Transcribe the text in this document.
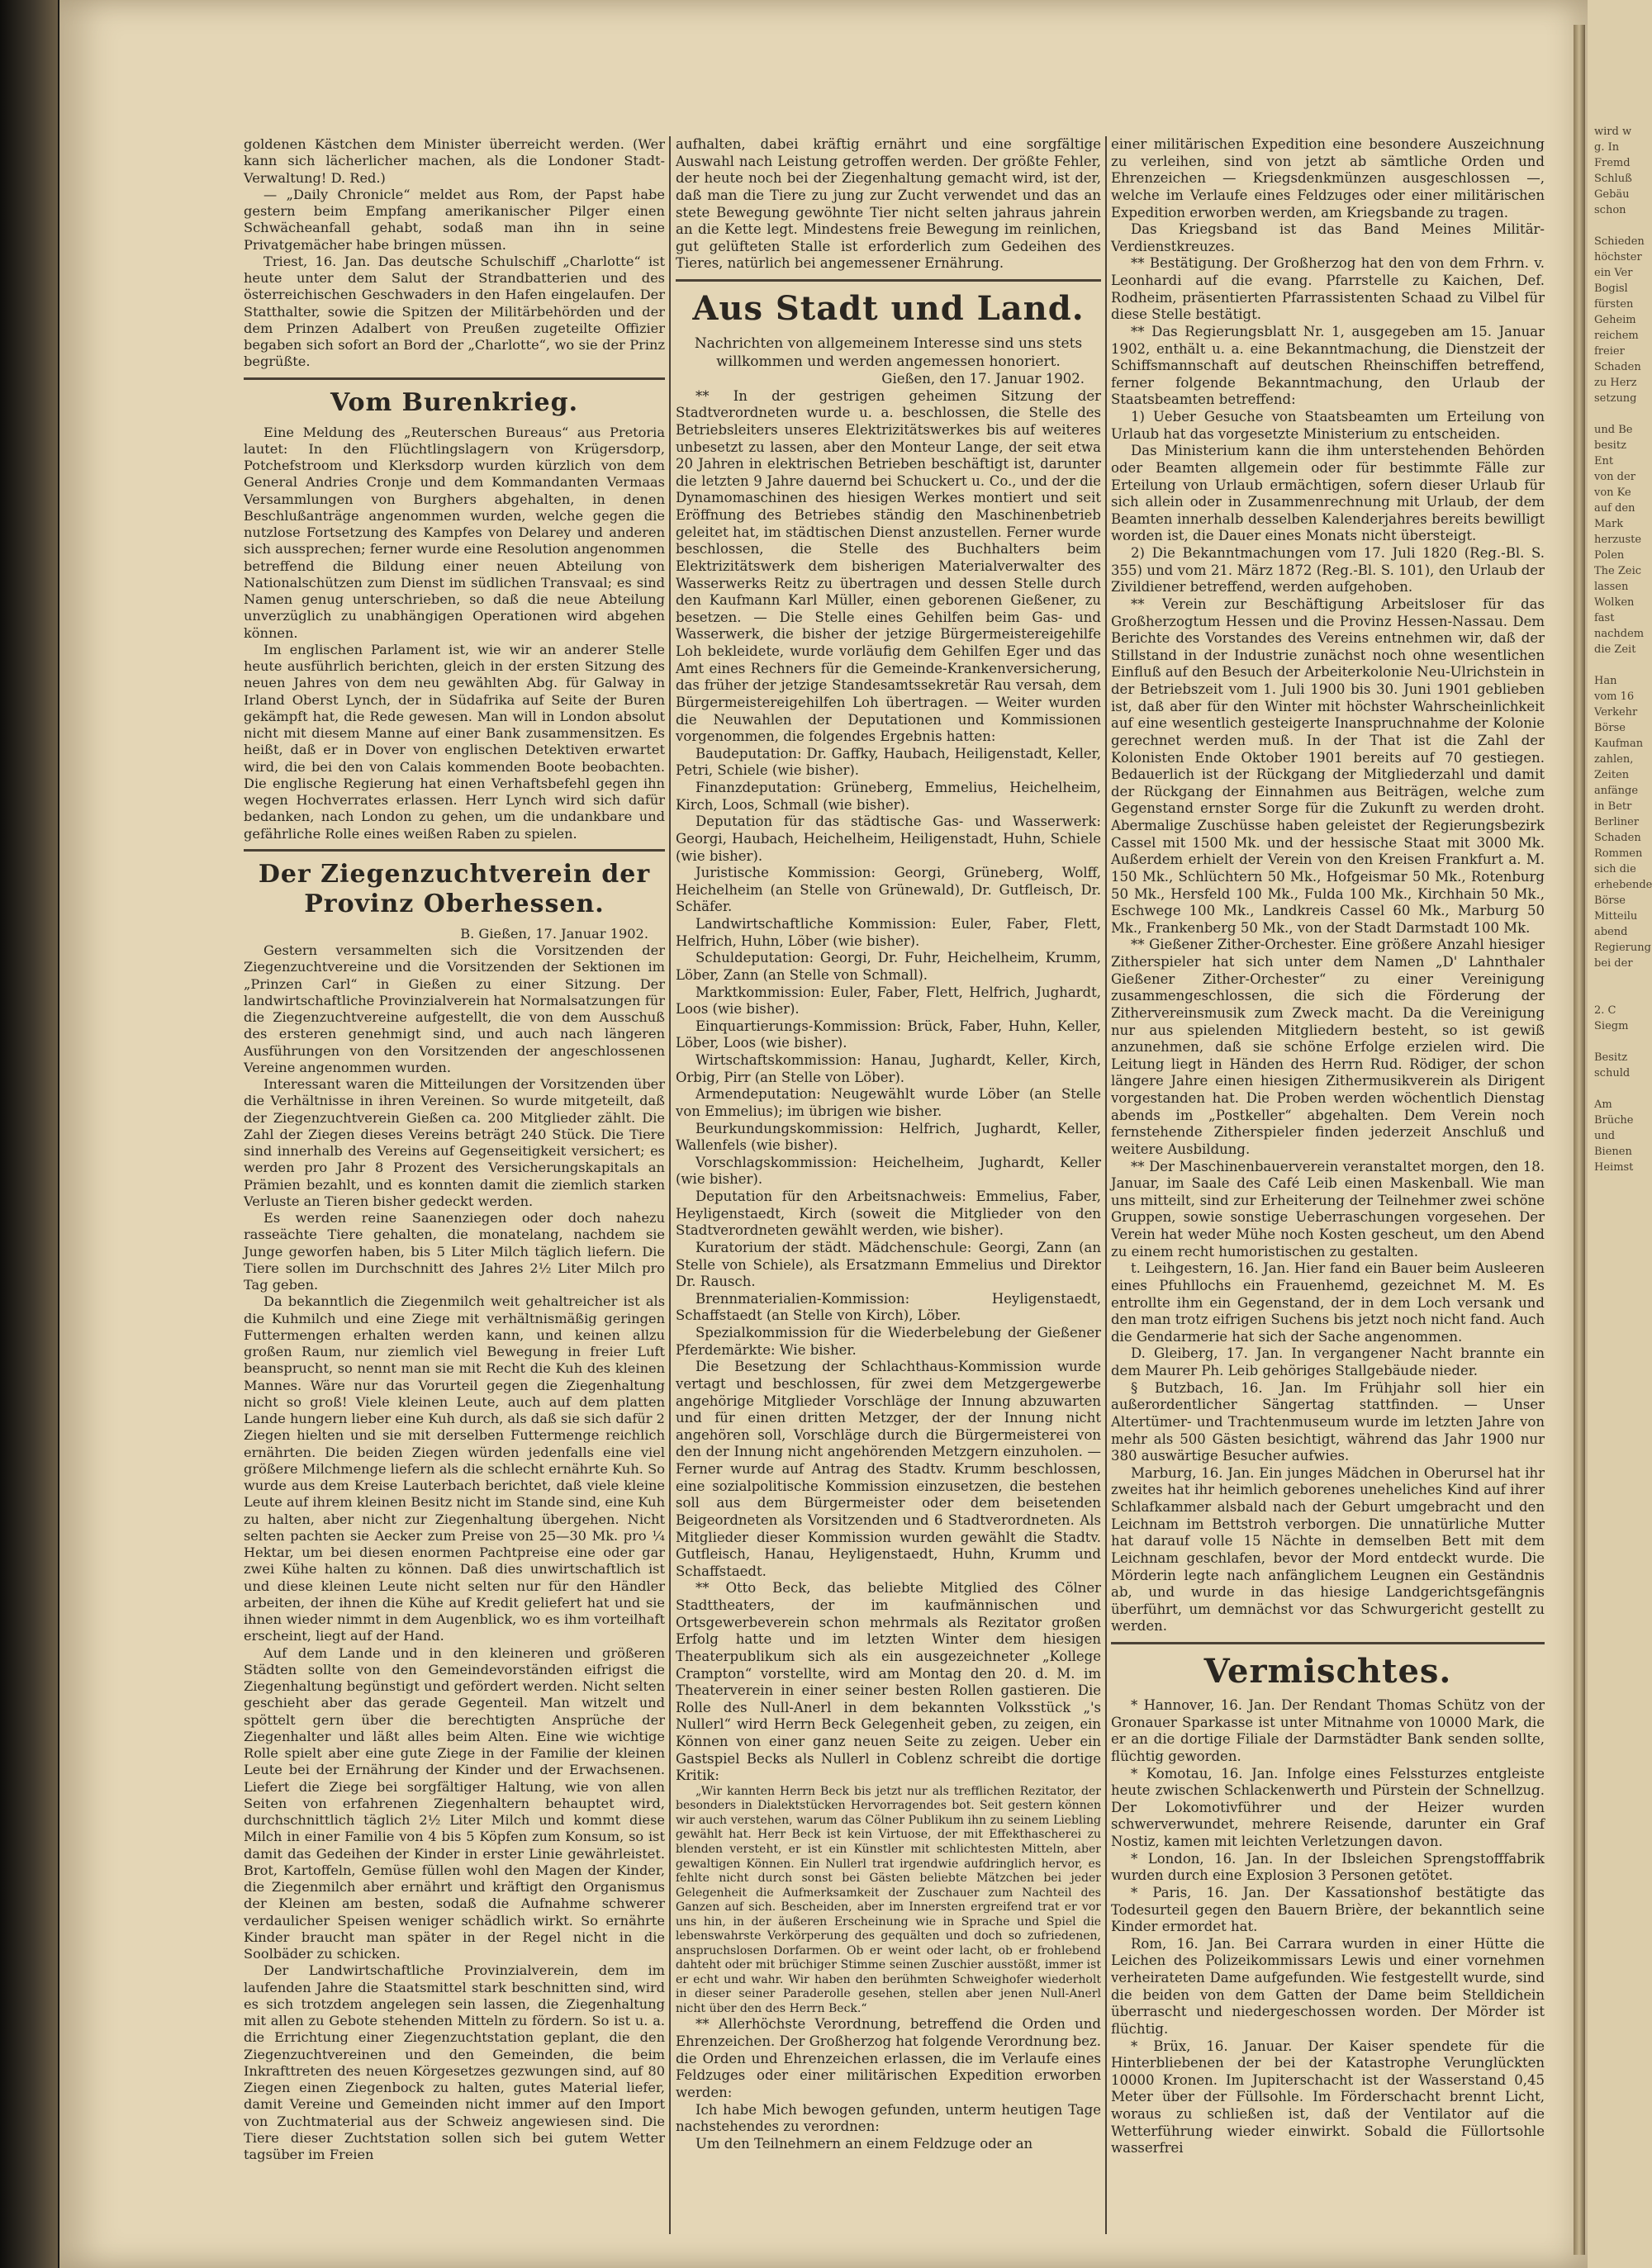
wird w
g. In
Fremd
Schluß
Gebäu
schon

Schieden
höchster
ein Ver
Bogisl
fürsten
Geheim
reichem
freier
Schaden
zu Herz
setzung

und Be
besitz
Ent
von der
von Ke
auf den
Mark
herzuste
Polen
The Zeic
lassen
Wolken
fast
nachdem
die Zeit

Han
vom 16
Verkehr
Börse
Kaufman
zahlen,
Zeiten
anfänge
in Betr
Berliner
Schaden
Rommen
sich die
erhebende
Börse
Mitteilu
abend
Regierung
bei der

2. C
Siegm

Besitz
schuld

Am
Brüche
und
Bienen
Heimst

goldenen Kästchen dem Minister überreicht werden. (Wer kann sich lächerlicher machen, als die Londoner Stadt-Verwaltung! D. Red.)

— „Daily Chronicle“ meldet aus Rom, der Papst habe gestern beim Empfang amerikanischer Pilger einen Schwächeanfall gehabt, sodaß man ihn in seine Privatgemächer habe bringen müssen.

Triest, 16. Jan. Das deutsche Schulschiff „Charlotte“ ist heute unter dem Salut der Strandbatterien und des österreichischen Geschwaders in den Hafen eingelaufen. Der Statthalter, sowie die Spitzen der Militärbehörden und der dem Prinzen Adalbert von Preußen zugeteilte Offizier begaben sich sofort an Bord der „Charlotte“, wo sie der Prinz begrüßte.

Vom Burenkrieg.

Eine Meldung des „Reuterschen Bureaus“ aus Pretoria lautet: In den Flüchtlingslagern von Krügersdorp, Potchefstroom und Klerksdorp wurden kürzlich von dem General Andries Cronje und dem Kommandanten Vermaas Versammlungen von Burghers abgehalten, in denen Beschlußanträge angenommen wurden, welche gegen die nutzlose Fortsetzung des Kampfes von Delarey und anderen sich aussprechen; ferner wurde eine Resolution angenommen betreffend die Bildung einer neuen Abteilung von Nationalschützen zum Dienst im südlichen Transvaal; es sind Namen genug unterschrieben, so daß die neue Abteilung unverzüglich zu unabhängigen Operationen wird abgehen können.

Im englischen Parlament ist, wie wir an anderer Stelle heute ausführlich berichten, gleich in der ersten Sitzung des neuen Jahres von dem neu gewählten Abg. für Galway in Irland Oberst Lynch, der in Südafrika auf Seite der Buren gekämpft hat, die Rede gewesen. Man will in London absolut nicht mit diesem Manne auf einer Bank zusammensitzen. Es heißt, daß er in Dover von englischen Detektiven erwartet wird, die bei den von Calais kommenden Boote beobachten. Die englische Regierung hat einen Verhaftsbefehl gegen ihn wegen Hochverrates erlassen. Herr Lynch wird sich dafür bedanken, nach London zu gehen, um die undankbare und gefährliche Rolle eines weißen Raben zu spielen.

Der Ziegenzuchtverein der Provinz Oberhessen.
B. Gießen, 17. Januar 1902.

Gestern versammelten sich die Vorsitzenden der Ziegenzuchtvereine und die Vorsitzenden der Sektionen im „Prinzen Carl“ in Gießen zu einer Sitzung. Der landwirtschaftliche Provinzialverein hat Normalsatzungen für die Ziegenzuchtvereine aufgestellt, die von dem Ausschuß des ersteren genehmigt sind, und auch nach längeren Ausführungen von den Vorsitzenden der angeschlossenen Vereine angenommen wurden.

Interessant waren die Mitteilungen der Vorsitzenden über die Verhältnisse in ihren Vereinen. So wurde mitgeteilt, daß der Ziegenzuchtverein Gießen ca. 200 Mitglieder zählt. Die Zahl der Ziegen dieses Vereins beträgt 240 Stück. Die Tiere sind innerhalb des Vereins auf Gegenseitigkeit versichert; es werden pro Jahr 8 Prozent des Versicherungskapitals an Prämien bezahlt, und es konnten damit die ziemlich starken Verluste an Tieren bisher gedeckt werden.

Es werden reine Saanenziegen oder doch nahezu rasseächte Tiere gehalten, die monatelang, nachdem sie Junge geworfen haben, bis 5 Liter Milch täglich liefern. Die Tiere sollen im Durchschnitt des Jahres 2½ Liter Milch pro Tag geben.

Da bekanntlich die Ziegenmilch weit gehaltreicher ist als die Kuhmilch und eine Ziege mit verhältnismäßig geringen Futtermengen erhalten werden kann, und keinen allzu großen Raum, nur ziemlich viel Bewegung in freier Luft beansprucht, so nennt man sie mit Recht die Kuh des kleinen Mannes. Wäre nur das Vorurteil gegen die Ziegenhaltung nicht so groß! Viele kleinen Leute, auch auf dem platten Lande hungern lieber eine Kuh durch, als daß sie sich dafür 2 Ziegen hielten und sie mit derselben Futtermenge reichlich ernährten. Die beiden Ziegen würden jedenfalls eine viel größere Milchmenge liefern als die schlecht ernährte Kuh. So wurde aus dem Kreise Lauterbach berichtet, daß viele kleine Leute auf ihrem kleinen Besitz nicht im Stande sind, eine Kuh zu halten, aber nicht zur Ziegenhaltung übergehen. Nicht selten pachten sie Aecker zum Preise von 25—30 Mk. pro ¼ Hektar, um bei diesen enormen Pachtpreise eine oder gar zwei Kühe halten zu können. Daß dies unwirtschaftlich ist und diese kleinen Leute nicht selten nur für den Händler arbeiten, der ihnen die Kühe auf Kredit geliefert hat und sie ihnen wieder nimmt in dem Augenblick, wo es ihm vorteilhaft erscheint, liegt auf der Hand.

Auf dem Lande und in den kleineren und größeren Städten sollte von den Gemeindevorständen eifrigst die Ziegenhaltung begünstigt und gefördert werden. Nicht selten geschieht aber das gerade Gegenteil. Man witzelt und spöttelt gern über die berechtigten Ansprüche der Ziegenhalter und läßt alles beim Alten. Eine wie wichtige Rolle spielt aber eine gute Ziege in der Familie der kleinen Leute bei der Ernährung der Kinder und der Erwachsenen. Liefert die Ziege bei sorgfältiger Haltung, wie von allen Seiten von erfahrenen Ziegenhaltern behauptet wird, durchschnittlich täglich 2½ Liter Milch und kommt diese Milch in einer Familie von 4 bis 5 Köpfen zum Konsum, so ist damit das Gedeihen der Kinder in erster Linie gewährleistet. Brot, Kartoffeln, Gemüse füllen wohl den Magen der Kinder, die Ziegenmilch aber ernährt und kräftigt den Organismus der Kleinen am besten, sodaß die Aufnahme schwerer verdaulicher Speisen weniger schädlich wirkt. So ernährte Kinder braucht man später in der Regel nicht in die Soolbäder zu schicken.

Der Landwirtschaftliche Provinzialverein, dem im laufenden Jahre die Staatsmittel stark beschnitten sind, wird es sich trotzdem angelegen sein lassen, die Ziegenhaltung mit allen zu Gebote stehenden Mitteln zu fördern. So ist u. a. die Errichtung einer Ziegenzuchtstation geplant, die den Ziegenzuchtvereinen und den Gemeinden, die beim Inkrafttreten des neuen Körgesetzes gezwungen sind, auf 80 Ziegen einen Ziegenbock zu halten, gutes Material liefer, damit Vereine und Gemeinden nicht immer auf den Import von Zuchtmaterial aus der Schweiz angewiesen sind. Die Tiere dieser Zuchtstation sollen sich bei gutem Wetter tagsüber im Freien

aufhalten, dabei kräftig ernährt und eine sorgfältige Auswahl nach Leistung getroffen werden. Der größte Fehler, der heute noch bei der Ziegenhaltung gemacht wird, ist der, daß man die Tiere zu jung zur Zucht verwendet und das an stete Bewegung gewöhnte Tier nicht selten jahraus jahrein an die Kette legt. Mindestens freie Bewegung im reinlichen, gut gelüfteten Stalle ist erforderlich zum Gedeihen des Tieres, natürlich bei angemessener Ernährung.

Aus Stadt und Land.
Nachrichten von allgemeinem Interesse sind uns stets willkommen und werden angemessen honoriert.
Gießen, den 17. Januar 1902.

** In der gestrigen geheimen Sitzung der Stadtverordneten wurde u. a. beschlossen, die Stelle des Betriebsleiters unseres Elektrizitätswerkes bis auf weiteres unbesetzt zu lassen, aber den Monteur Lange, der seit etwa 20 Jahren in elektrischen Betrieben beschäftigt ist, darunter die letzten 9 Jahre dauernd bei Schuckert u. Co., und der die Dynamomaschinen des hiesigen Werkes montiert und seit Eröffnung des Betriebes ständig den Maschinenbetrieb geleitet hat, im städtischen Dienst anzustellen. Ferner wurde beschlossen, die Stelle des Buchhalters beim Elektrizitätswerk dem bisherigen Materialverwalter des Wasserwerks Reitz zu übertragen und dessen Stelle durch den Kaufmann Karl Müller, einen geborenen Gießener, zu besetzen. — Die Stelle eines Gehilfen beim Gas- und Wasserwerk, die bisher der jetzige Bürgermeistereigehilfe Loh bekleidete, wurde vorläufig dem Gehilfen Eger und das Amt eines Rechners für die Gemeinde-Krankenversicherung, das früher der jetzige Standesamtssekretär Rau versah, dem Bürgermeistereigehilfen Loh übertragen. — Weiter wurden die Neuwahlen der Deputationen und Kommissionen vorgenommen, die folgendes Ergebnis hatten:

Baudeputation: Dr. Gaffky, Haubach, Heiligenstadt, Keller, Petri, Schiele (wie bisher).

Finanzdeputation: Grüneberg, Emmelius, Heichelheim, Kirch, Loos, Schmall (wie bisher).

Deputation für das städtische Gas- und Wasserwerk: Georgi, Haubach, Heichelheim, Heiligenstadt, Huhn, Schiele (wie bisher).

Juristische Kommission: Georgi, Grüneberg, Wolff, Heichelheim (an Stelle von Grünewald), Dr. Gutfleisch, Dr. Schäfer.

Landwirtschaftliche Kommission: Euler, Faber, Flett, Helfrich, Huhn, Löber (wie bisher).

Schuldeputation: Georgi, Dr. Fuhr, Heichelheim, Krumm, Löber, Zann (an Stelle von Schmall).

Marktkommission: Euler, Faber, Flett, Helfrich, Jughardt, Loos (wie bisher).

Einquartierungs-Kommission: Brück, Faber, Huhn, Keller, Löber, Loos (wie bisher).

Wirtschaftskommission: Hanau, Jughardt, Keller, Kirch, Orbig, Pirr (an Stelle von Löber).

Armendeputation: Neugewählt wurde Löber (an Stelle von Emmelius); im übrigen wie bisher.

Beurkundungskommission: Helfrich, Jughardt, Keller, Wallenfels (wie bisher).

Vorschlagskommission: Heichelheim, Jughardt, Keller (wie bisher).

Deputation für den Arbeitsnachweis: Emmelius, Faber, Heyligenstaedt, Kirch (soweit die Mitglieder von den Stadtverordneten gewählt werden, wie bisher).

Kuratorium der städt. Mädchenschule: Georgi, Zann (an Stelle von Schiele), als Ersatzmann Emmelius und Direktor Dr. Rausch.

Brennmaterialien-Kommission: Heyligenstaedt, Schaffstaedt (an Stelle von Kirch), Löber.

Spezialkommission für die Wiederbelebung der Gießener Pferdemärkte: Wie bisher.

Die Besetzung der Schlachthaus-Kommission wurde vertagt und beschlossen, für zwei dem Metzgergewerbe angehörige Mitglieder Vorschläge der Innung abzuwarten und für einen dritten Metzger, der der Innung nicht angehören soll, Vorschläge durch die Bürgermeisterei von den der Innung nicht angehörenden Metzgern einzuholen. — Ferner wurde auf Antrag des Stadtv. Krumm beschlossen, eine sozialpolitische Kommission einzusetzen, die bestehen soll aus dem Bürgermeister oder dem beisetenden Beigeordneten als Vorsitzenden und 6 Stadtverordneten. Als Mitglieder dieser Kommission wurden gewählt die Stadtv. Gutfleisch, Hanau, Heyligenstaedt, Huhn, Krumm und Schaffstaedt.

** Otto Beck, das beliebte Mitglied des Cölner Stadttheaters, der im kaufmännischen und Ortsgewerbeverein schon mehrmals als Rezitator großen Erfolg hatte und im letzten Winter dem hiesigen Theaterpublikum sich als ein ausgezeichneter „Kollege Crampton“ vorstellte, wird am Montag den 20. d. M. im Theaterverein in einer seiner besten Rollen gastieren. Die Rolle des Null-Anerl in dem bekannten Volksstück „'s Nullerl“ wird Herrn Beck Gelegenheit geben, zu zeigen, ein Können von einer ganz neuen Seite zu zeigen. Ueber ein Gastspiel Becks als Nullerl in Coblenz schreibt die dortige Kritik:

„Wir kannten Herrn Beck bis jetzt nur als trefflichen Rezitator, der besonders in Dialektstücken Hervorragendes bot. Seit gestern können wir auch verstehen, warum das Cölner Publikum ihn zu seinem Liebling gewählt hat. Herr Beck ist kein Virtuose, der mit Effekthascherei zu blenden versteht, er ist ein Künstler mit schlichtesten Mitteln, aber gewaltigen Können. Ein Nullerl trat irgendwie aufdringlich hervor, es fehlte nicht durch sonst bei Gästen beliebte Mätzchen bei jeder Gelegenheit die Aufmerksamkeit der Zuschauer zum Nachteil des Ganzen auf sich. Bescheiden, aber im Innersten ergreifend trat er vor uns hin, in der äußeren Erscheinung wie in Sprache und Spiel die lebenswahrste Verkörperung des gequälten und doch so zufriedenen, anspruchslosen Dorfarmen. Ob er weint oder lacht, ob er frohlebend dahteht oder mit brüchiger Stimme seinen Zuschier ausstößt, immer ist er echt und wahr. Wir haben den berühmten Schweighofer wiederholt in dieser seiner Paraderolle gesehen, stellen aber jenen Null-Anerl nicht über den des Herrn Beck.“

** Allerhöchste Verordnung, betreffend die Orden und Ehrenzeichen. Der Großherzog hat folgende Verordnung bez. die Orden und Ehrenzeichen erlassen, die im Verlaufe eines Feldzuges oder einer militärischen Expedition erworben werden:

Ich habe Mich bewogen gefunden, unterm heutigen Tage nachstehendes zu verordnen:

Um den Teilnehmern an einem Feldzuge oder an

einer militärischen Expedition eine besondere Auszeichnung zu verleihen, sind von jetzt ab sämtliche Orden und Ehrenzeichen — Kriegsdenkmünzen ausgeschlossen —, welche im Verlaufe eines Feldzuges oder einer militärischen Expedition erworben werden, am Kriegsbande zu tragen.

Das Kriegsband ist das Band Meines Militär-Verdienstkreuzes.

** Bestätigung. Der Großherzog hat den von dem Frhrn. v. Leonhardi auf die evang. Pfarrstelle zu Kaichen, Def. Rodheim, präsentierten Pfarrassistenten Schaad zu Vilbel für diese Stelle bestätigt.

** Das Regierungsblatt Nr. 1, ausgegeben am 15. Januar 1902, enthält u. a. eine Bekanntmachung, die Dienstzeit der Schiffsmannschaft auf deutschen Rheinschiffen betreffend, ferner folgende Bekanntmachung, den Urlaub der Staatsbeamten betreffend:

1) Ueber Gesuche von Staatsbeamten um Erteilung von Urlaub hat das vorgesetzte Ministerium zu entscheiden.

Das Ministerium kann die ihm unterstehenden Behörden oder Beamten allgemein oder für bestimmte Fälle zur Erteilung von Urlaub ermächtigen, sofern dieser Urlaub für sich allein oder in Zusammenrechnung mit Urlaub, der dem Beamten innerhalb desselben Kalenderjahres bereits bewilligt worden ist, die Dauer eines Monats nicht übersteigt.

2) Die Bekanntmachungen vom 17. Juli 1820 (Reg.-Bl. S. 355) und vom 21. März 1872 (Reg.-Bl. S. 101), den Urlaub der Zivildiener betreffend, werden aufgehoben.

** Verein zur Beschäftigung Arbeitsloser für das Großherzogtum Hessen und die Provinz Hessen-Nassau. Dem Berichte des Vorstandes des Vereins entnehmen wir, daß der Stillstand in der Industrie zunächst noch ohne wesentlichen Einfluß auf den Besuch der Arbeiterkolonie Neu-Ulrichstein in der Betriebszeit vom 1. Juli 1900 bis 30. Juni 1901 geblieben ist, daß aber für den Winter mit höchster Wahrscheinlichkeit auf eine wesentlich gesteigerte Inanspruchnahme der Kolonie gerechnet werden muß. In der That ist die Zahl der Kolonisten Ende Oktober 1901 bereits auf 70 gestiegen. Bedauerlich ist der Rückgang der Mitgliederzahl und damit der Rückgang der Einnahmen aus Beiträgen, welche zum Gegenstand ernster Sorge für die Zukunft zu werden droht. Abermalige Zuschüsse haben geleistet der Regierungsbezirk Cassel mit 1500 Mk. und der hessische Staat mit 3000 Mk. Außerdem erhielt der Verein von den Kreisen Frankfurt a. M. 150 Mk., Schlüchtern 50 Mk., Hofgeismar 50 Mk., Rotenburg 50 Mk., Hersfeld 100 Mk., Fulda 100 Mk., Kirchhain 50 Mk., Eschwege 100 Mk., Landkreis Cassel 60 Mk., Marburg 50 Mk., Frankenberg 50 Mk., von der Stadt Darmstadt 100 Mk.

** Gießener Zither-Orchester. Eine größere Anzahl hiesiger Zitherspieler hat sich unter dem Namen „D' Lahnthaler Gießener Zither-Orchester“ zu einer Vereinigung zusammengeschlossen, die sich die Förderung der Zithervereinsmusik zum Zweck macht. Da die Vereinigung nur aus spielenden Mitgliedern besteht, so ist gewiß anzunehmen, daß sie schöne Erfolge erzielen wird. Die Leitung liegt in Händen des Herrn Rud. Rödiger, der schon längere Jahre einen hiesigen Zithermusikverein als Dirigent vorgestanden hat. Die Proben werden wöchentlich Dienstag abends im „Postkeller“ abgehalten. Dem Verein noch fernstehende Zitherspieler finden jederzeit Anschluß und weitere Ausbildung.

** Der Maschinenbauerverein veranstaltet morgen, den 18. Januar, im Saale des Café Leib einen Maskenball. Wie man uns mitteilt, sind zur Erheiterung der Teilnehmer zwei schöne Gruppen, sowie sonstige Ueberraschungen vorgesehen. Der Verein hat weder Mühe noch Kosten gescheut, um den Abend zu einem recht humoristischen zu gestalten.

t. Leihgestern, 16. Jan. Hier fand ein Bauer beim Ausleeren eines Pfuhllochs ein Frauenhemd, gezeichnet M. M. Es entrollte ihm ein Gegenstand, der in dem Loch versank und den man trotz eifrigen Suchens bis jetzt noch nicht fand. Auch die Gendarmerie hat sich der Sache angenommen.

D. Gleiberg, 17. Jan. In vergangener Nacht brannte ein dem Maurer Ph. Leib gehöriges Stallgebäude nieder.

§ Butzbach, 16. Jan. Im Frühjahr soll hier ein außerordentlicher Sängertag stattfinden. — Unser Altertümer- und Trachtenmuseum wurde im letzten Jahre von mehr als 500 Gästen besichtigt, während das Jahr 1900 nur 380 auswärtige Besucher aufwies.

Marburg, 16. Jan. Ein junges Mädchen in Oberursel hat ihr zweites hat ihr heimlich geborenes uneheliches Kind auf ihrer Schlafkammer alsbald nach der Geburt umgebracht und den Leichnam im Bettstroh verborgen. Die unnatürliche Mutter hat darauf volle 15 Nächte in demselben Bett mit dem Leichnam geschlafen, bevor der Mord entdeckt wurde. Die Mörderin legte nach anfänglichem Leugnen ein Geständnis ab, und wurde in das hiesige Landgerichtsgefängnis überführt, um demnächst vor das Schwurgericht gestellt zu werden.

Vermischtes.

* Hannover, 16. Jan. Der Rendant Thomas Schütz von der Gronauer Sparkasse ist unter Mitnahme von 10000 Mark, die er an die dortige Filiale der Darmstädter Bank senden sollte, flüchtig geworden.

* Komotau, 16. Jan. Infolge eines Felssturzes entgleiste heute zwischen Schlackenwerth und Pürstein der Schnellzug. Der Lokomotivführer und der Heizer wurden schwerverwundet, mehrere Reisende, darunter ein Graf Nostiz, kamen mit leichten Verletzungen davon.

* London, 16. Jan. In der Ibsleichen Sprengstofffabrik wurden durch eine Explosion 3 Personen getötet.

* Paris, 16. Jan. Der Kassationshof bestätigte das Todesurteil gegen den Bauern Brière, der bekanntlich seine Kinder ermordet hat.

Rom, 16. Jan. Bei Carrara wurden in einer Hütte die Leichen des Polizeikommissars Lewis und einer vornehmen verheirateten Dame aufgefunden. Wie festgestellt wurde, sind die beiden von dem Gatten der Dame beim Stelldichein überrascht und niedergeschossen worden. Der Mörder ist flüchtig.

* Brüx, 16. Januar. Der Kaiser spendete für die Hinterbliebenen der bei der Katastrophe Verunglückten 10000 Kronen. Im Jupiterschacht ist der Wasserstand 0,45 Meter über der Füllsohle. Im Förderschacht brennt Licht, woraus zu schließen ist, daß der Ventilator auf die Wetterführung wieder einwirkt. Sobald die Füllortsohle wasserfrei
